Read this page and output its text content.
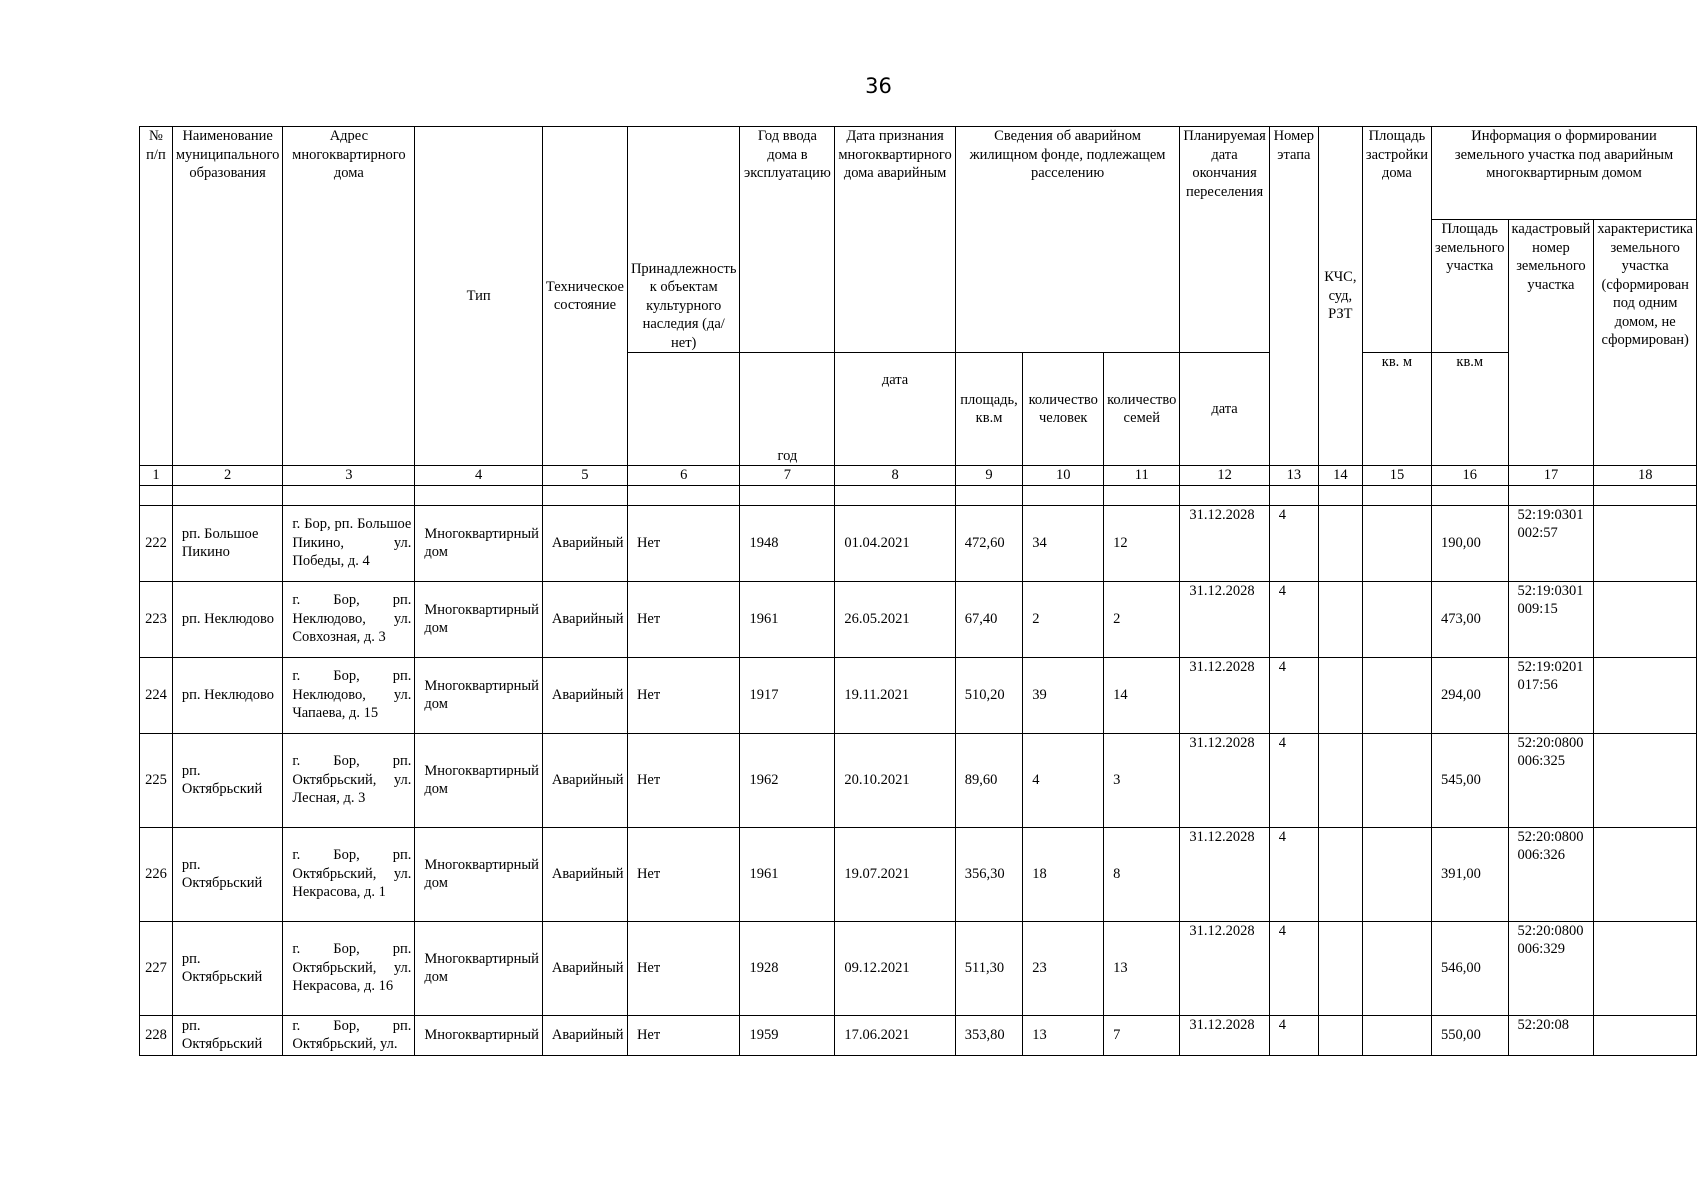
36
№ п/п	Наименование муниципального образования	Адрес многоквартирного дома	Тип	Техническое состояние	Принадлежность к объектам культурного наследия (да/нет)	Год ввода дома в эксплуатацию	Дата признания многоквартирного дома аварийным	Сведения об аварийном жилищном фонде, подлежащем расселению			Планируемая дата окончания переселения	Номер этапа	КЧС, суд, РЗТ	Площадь застройки дома	Информация о формировании земельного участка под аварийным многоквартирным домом		
															Площадь земельного участка	кадастровый номер земельного участка	характеристика земельного участка (сформирован под одним домом, не сформирован)
						год	дата	площадь, кв.м	количество человек	количество семей	дата			кв. м	кв.м		
1	2	3	4	5	6	7	8	9	10	11	12	13	14	15	16	17	18

222	рп. Большое Пикино	г. Бор, рп. Большое Пикино, ул. Победы, д. 4	Многоквартирный дом	Аварийный	Нет	1948	01.04.2021	472,60	34	12	31.12.2028	4			190,00	52:19:0301002:57	
223	рп. Неклюдово	г. Бор, рп. Неклюдово, ул. Совхозная, д. 3	Многоквартирный дом	Аварийный	Нет	1961	26.05.2021	67,40	2	2	31.12.2028	4			473,00	52:19:0301009:15	
224	рп. Неклюдово	г. Бор, рп. Неклюдово, ул. Чапаева, д. 15	Многоквартирный дом	Аварийный	Нет	1917	19.11.2021	510,20	39	14	31.12.2028	4			294,00	52:19:0201017:56	
225	рп. Октябрьский	г. Бор, рп. Октябрьский, ул. Лесная, д. 3	Многоквартирный дом	Аварийный	Нет	1962	20.10.2021	89,60	4	3	31.12.2028	4			545,00	52:20:0800006:325	
226	рп. Октябрьский	г. Бор, рп. Октябрьский, ул. Некрасова, д. 1	Многоквартирный дом	Аварийный	Нет	1961	19.07.2021	356,30	18	8	31.12.2028	4			391,00	52:20:0800006:326	
227	рп. Октябрьский	г. Бор, рп. Октябрьский, ул. Некрасова, д. 16	Многоквартирный дом	Аварийный	Нет	1928	09.12.2021	511,30	23	13	31.12.2028	4			546,00	52:20:0800006:329	
228	рп. Октябрьский	г. Бор, рп. Октябрьский, ул.	Многоквартирный	Аварийный	Нет	1959	17.06.2021	353,80	13	7	31.12.2028	4			550,00	52:20:08	
